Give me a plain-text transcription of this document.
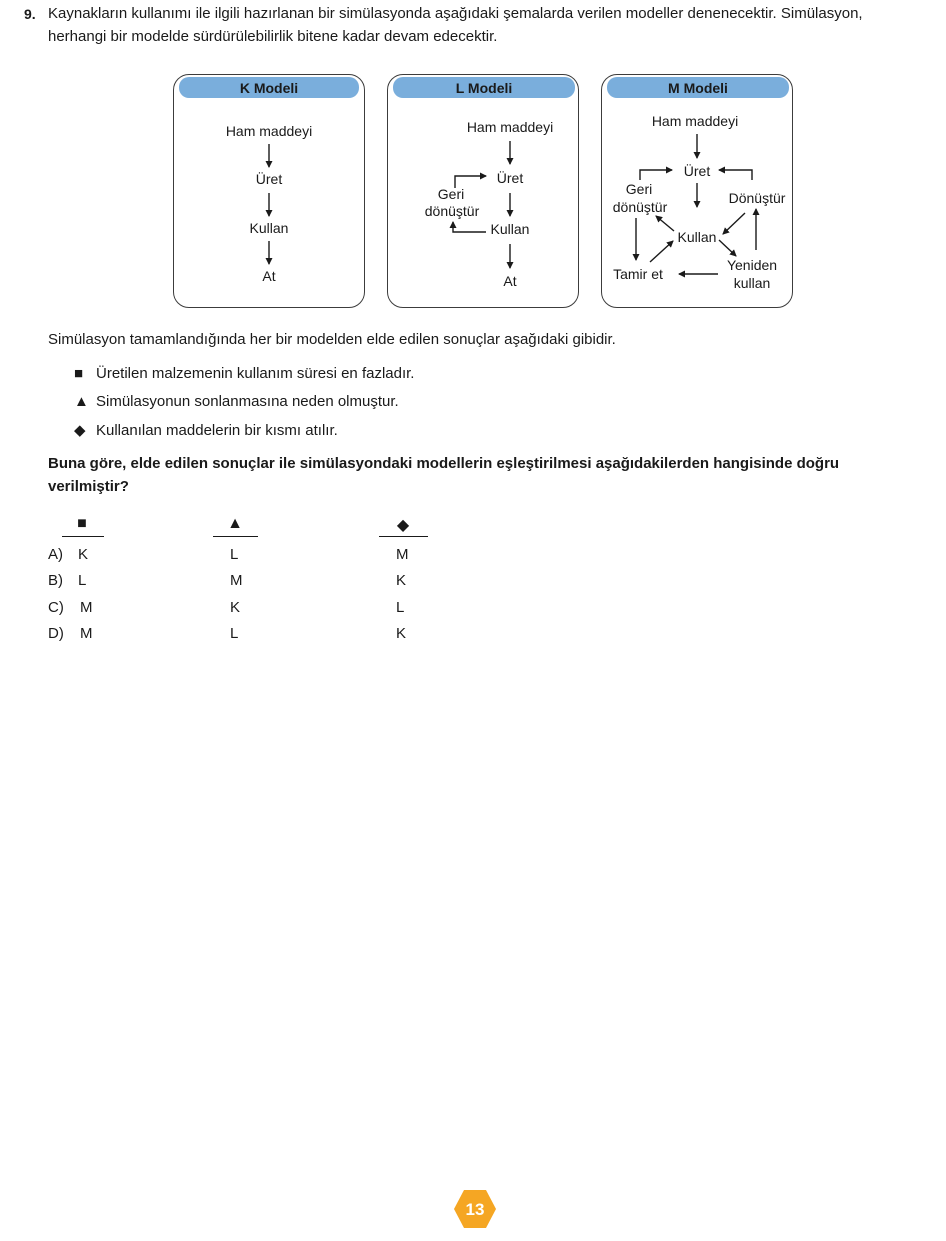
9. Kaynakların kullanımı ile ilgili hazırlanan bir simülasyonda aşağıdaki şemalarda verilen modeller denenecektir. Simülasyon,
herhangi bir modelde sürdürülebilirlik bitene kadar devam edecektir.
K Modeli
Ham maddeyi
Üret
Kullan
At
L Modeli
Ham maddeyi
Üret
Kullan
At
Geri
dönüştür
M Modeli
Ham maddeyi
Üret
Geri
dönüştür
Dönüştür
Kullan
Tamir et
Yeniden
kullan
Simülasyon tamamlandığında her bir modelden elde edilen sonuçlar aşağıdaki gibidir.
■ Üretilen malzemenin kullanım süresi en fazladır.
▲ Simülasyonun sonlanmasına neden olmuştur.
◆ Kullanılan maddelerin bir kısmı atılır.
Buna göre, elde edilen sonuçlar ile simülasyondaki modellerin eşleştirilmesi aşağıdakilerden hangisinde doğru
verilmiştir?
■	▲	◆
A) K	L	M
B) L	M	K
C) M	K	L
D) M	L	K
13
